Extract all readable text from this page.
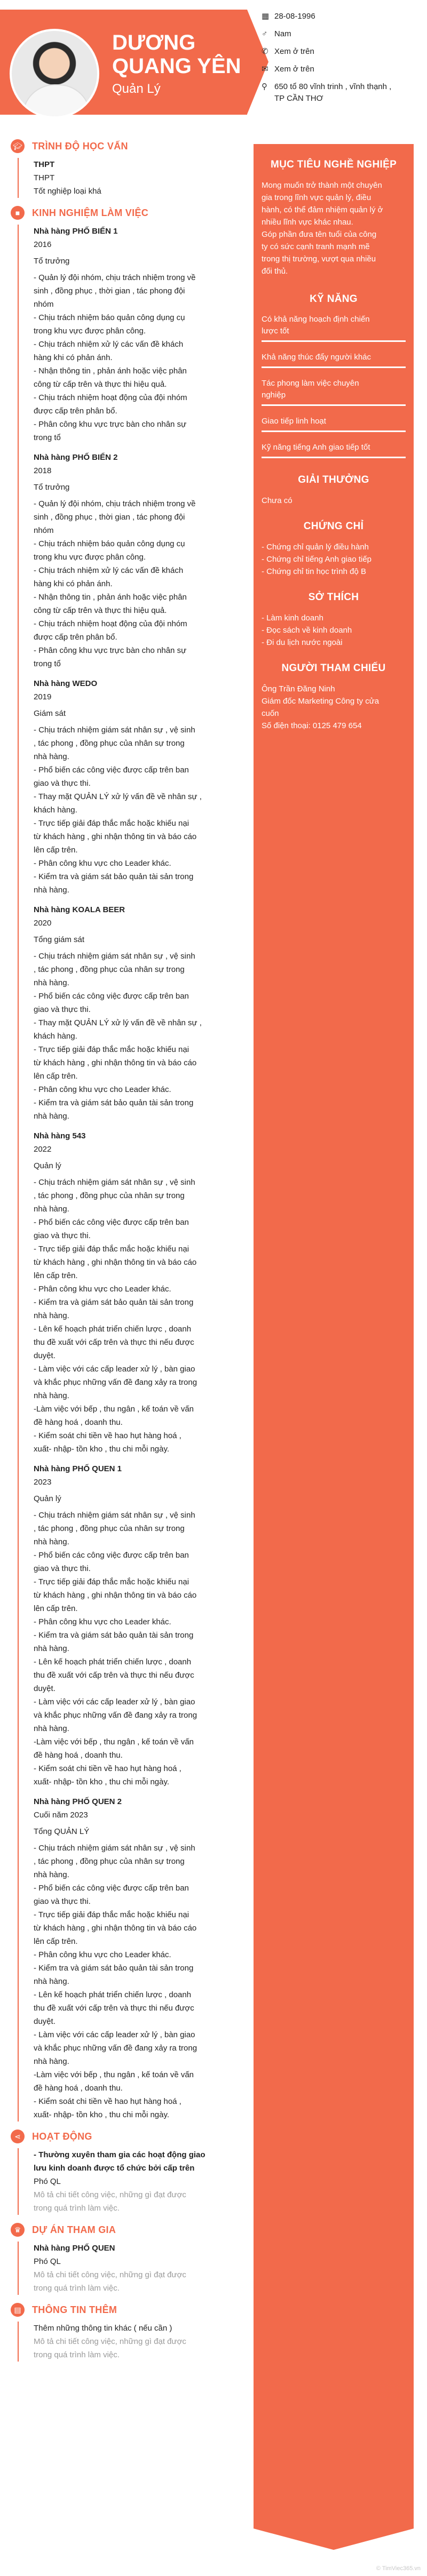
DƯƠNG
QUANG YÊN
Quản Lý
▦ 28-08-1996
♂ Nam
✆ Xem ở trên
✉ Xem ở trên
⚲ 650 tổ 80 vĩnh trinh , vĩnh thạnh , TP CẦN THƠ
MỤC TIÊU NGHỀ NGHIỆP
Mong muốn trở thành một chuyên
gia trong lĩnh vực quản lý, điều
hành, có thể đảm nhiệm quản lý ở
nhiều lĩnh vực khác nhau.
Góp phần đưa tên tuổi của công
ty có sức cạnh tranh mạnh mẽ
trong thị trường, vượt qua nhiều
đối thủ.
KỸ NĂNG
Có khả năng hoạch định chiến
lược tốt
Khả năng thúc đẩy người khác
Tác phong làm việc chuyên
nghiệp
Giao tiếp linh hoạt
Kỹ năng tiếng Anh giao tiếp tốt
GIẢI THƯỞNG
Chưa có
CHỨNG CHỈ
- Chứng chỉ quản lý điều hành
- Chứng chỉ tiếng Anh giao tiếp
- Chứng chỉ tin học trình độ B
SỞ THÍCH
- Làm kinh doanh
- Đọc sách về kinh doanh
- Đi du lịch nước ngoài
NGƯỜI THAM CHIẾU
Ông Trần Đăng Ninh
Giám đốc Marketing Công ty cửa
cuốn
Số điện thoại: 0125 479 654
🎓︎ TRÌNH ĐỘ HỌC VẤN
THPT
THPT
Tốt nghiệp loại khá
■	KINH NGHIỆM LÀM VIỆC
Nhà hàng PHỐ BIỂN 1
2016
Tổ trưởng
- Quản lý đội nhóm, chịu trách nhiệm trong về
sinh , đồng phục , thời gian , tác phong đội
nhóm
- Chịu trách nhiệm báo quản công dụng cụ
trong khu vực được phân công.
- Chịu trách nhiệm xử lý các vấn đề khách
hàng khi có phản ánh.
- Nhận thông tin , phản ánh hoặc việc phân
công từ cấp trên và thực thi hiệu quả.
- Chịu trách nhiệm hoạt động của đội nhóm
được cấp trên phân bổ.
- Phân công khu vực trực bàn cho nhân sự
trong tổ
Nhà hàng PHỐ BIỂN 2
2018
Tổ trưởng
- Quản lý đội nhóm, chịu trách nhiệm trong về
sinh , đồng phục , thời gian , tác phong đội
nhóm
- Chịu trách nhiệm báo quản công dụng cụ
trong khu vực được phân công.
- Chịu trách nhiệm xử lý các vấn đề khách
hàng khi có phản ánh.
- Nhận thông tin , phản ánh hoặc việc phân
công từ cấp trên và thực thi hiệu quả.
- Chịu trách nhiệm hoạt động của đội nhóm
được cấp trên phân bổ.
- Phân công khu vực trực bàn cho nhân sự
trong tổ
Nhà hàng WEDO
2019
Giám sát
- Chịu trách nhiệm giám sát nhân sự , vệ sinh
, tác phong , đồng phục của nhân sự trong
nhà hàng.
- Phổ biến các công việc được cấp trên ban
giao và thực thi.
- Thay mặt QUẢN LÝ xử lý vấn đề về nhân sự ,
khách hàng.
- Trực tiếp giải đáp thắc mắc hoặc khiếu nại
từ khách hàng , ghi nhận thông tin và báo cáo
lên cấp trên.
- Phân công khu vực cho Leader khác.
- Kiểm tra và giám sát bảo quản tài sản trong
nhà hàng.
Nhà hàng KOALA BEER
2020
Tổng giám sát
- Chịu trách nhiệm giám sát nhân sự , vệ sinh
, tác phong , đồng phục của nhân sự trong
nhà hàng.
- Phổ biến các công việc được cấp trên ban
giao và thực thi.
- Thay mặt QUẢN LÝ xử lý vấn đề về nhân sự ,
khách hàng.
- Trực tiếp giải đáp thắc mắc hoặc khiếu nại
từ khách hàng , ghi nhận thông tin và báo cáo
lên cấp trên.
- Phân công khu vực cho Leader khác.
- Kiểm tra và giám sát bảo quản tài sản trong
nhà hàng.
Nhà hàng 543
2022
Quản lý
- Chịu trách nhiệm giám sát nhân sự , vệ sinh
, tác phong , đồng phục của nhân sự trong
nhà hàng.
- Phổ biến các công việc được cấp trên ban
giao và thực thi.
- Trực tiếp giải đáp thắc mắc hoặc khiếu nại
từ khách hàng , ghi nhận thông tin và báo cáo
lên cấp trên.
- Phân công khu vực cho Leader khác.
- Kiểm tra và giám sát bảo quản tài sản trong
nhà hàng.
- Lên kế hoạch phát triển chiến lược , doanh
thu đề xuất với cấp trên và thực thi nếu được
duyệt.
- Làm việc với các cấp leader xử lý , bàn giao
và khắc phục những vấn đề đang xảy ra trong
nhà hàng.
-Làm việc với bếp , thu ngân , kế toán về vấn
đề hàng hoá , doanh thu.
- Kiểm soát chi tiền về hao hụt hàng hoá ,
xuất- nhập- tồn kho , thu chi mỗi ngày.
Nhà hàng PHỐ QUEN 1
2023
Quản lý
- Chịu trách nhiệm giám sát nhân sự , vệ sinh
, tác phong , đồng phục của nhân sự trong
nhà hàng.
- Phổ biến các công việc được cấp trên ban
giao và thực thi.
- Trực tiếp giải đáp thắc mắc hoặc khiếu nại
từ khách hàng , ghi nhận thông tin và báo cáo
lên cấp trên.
- Phân công khu vực cho Leader khác.
- Kiểm tra và giám sát bảo quản tài sản trong
nhà hàng.
- Lên kế hoạch phát triển chiến lược , doanh
thu đề xuất với cấp trên và thực thi nếu được
duyệt.
- Làm việc với các cấp leader xử lý , bàn giao
và khắc phục những vấn đề đang xảy ra trong
nhà hàng.
-Làm việc với bếp , thu ngân , kế toán về vấn
đề hàng hoá , doanh thu.
- Kiểm soát chi tiền về hao hụt hàng hoá ,
xuất- nhập- tồn kho , thu chi mỗi ngày.
Nhà hàng PHỐ QUEN 2
Cuối năm 2023
Tổng QUẢN LÝ
- Chịu trách nhiệm giám sát nhân sự , vệ sinh
, tác phong , đồng phục của nhân sự trong
nhà hàng.
- Phổ biến các công việc được cấp trên ban
giao và thực thi.
- Trực tiếp giải đáp thắc mắc hoặc khiếu nại
từ khách hàng , ghi nhận thông tin và báo cáo
lên cấp trên.
- Phân công khu vực cho Leader khác.
- Kiểm tra và giám sát bảo quản tài sản trong
nhà hàng.
- Lên kế hoạch phát triển chiến lược , doanh
thu đề xuất với cấp trên và thực thi nếu được
duyệt.
- Làm việc với các cấp leader xử lý , bàn giao
và khắc phục những vấn đề đang xảy ra trong
nhà hàng.
-Làm việc với bếp , thu ngân , kế toán về vấn
đề hàng hoá , doanh thu.
- Kiểm soát chi tiền về hao hụt hàng hoá ,
xuất- nhập- tồn kho , thu chi mỗi ngày.
⋖	HOẠT ĐỘNG
- Thường xuyên tham gia các hoạt động giao
lưu kinh doanh được tổ chức bởi cấp trên
Phó QL
Mô tả chi tiết công việc, những gì đạt được
trong quá trình làm việc.
♛	DỰ ÁN THAM GIA
Nhà hàng PHỐ QUEN
Phó QL
Mô tả chi tiết công việc, những gì đạt được
trong quá trình làm việc.
▤	THÔNG TIN THÊM
Thêm những thông tin khác ( nếu cần )
Mô tả chi tiết công việc, những gì đạt được
trong quá trình làm việc.
© TimViec365.vn
